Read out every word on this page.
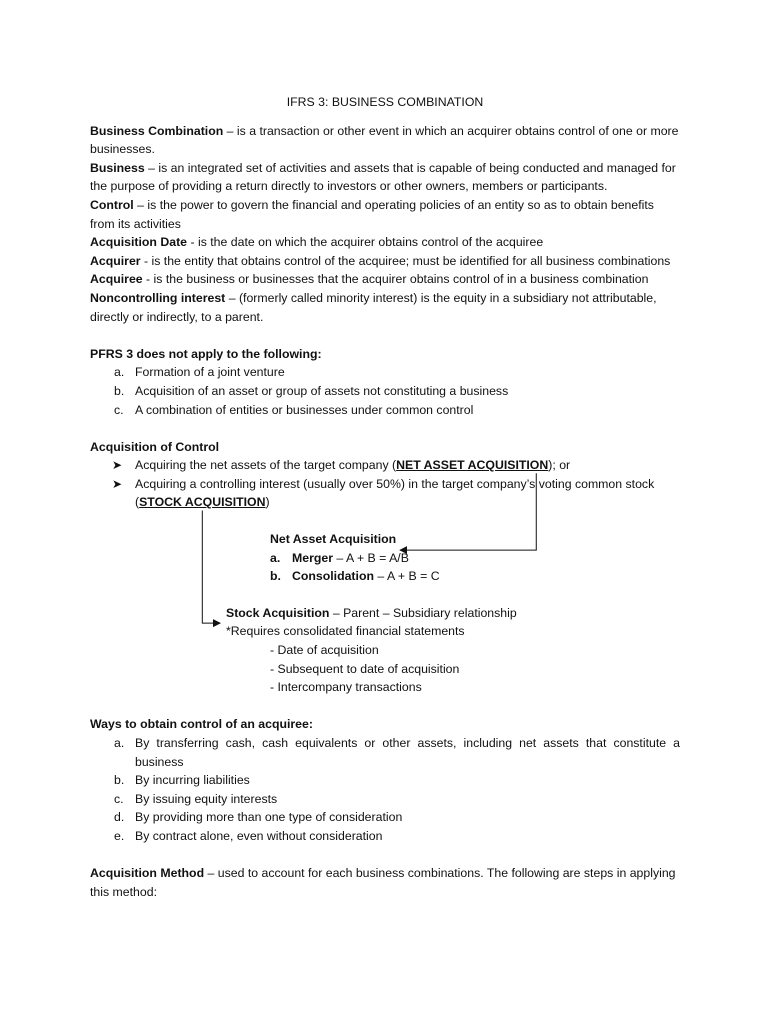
IFRS 3: BUSINESS COMBINATION
Business Combination – is a transaction or other event in which an acquirer obtains control of one or more businesses.
Business – is an integrated set of activities and assets that is capable of being conducted and managed for the purpose of providing a return directly to investors or other owners, members or participants.
Control – is the power to govern the financial and operating policies of an entity so as to obtain benefits from its activities
Acquisition Date - is the date on which the acquirer obtains control of the acquiree
Acquirer - is the entity that obtains control of the acquiree; must be identified for all business combinations
Acquiree - is the business or businesses that the acquirer obtains control of in a business combination
Noncontrolling interest – (formerly called minority interest) is the equity in a subsidiary not attributable, directly or indirectly, to a parent.
PFRS 3 does not apply to the following:
a. Formation of a joint venture
b. Acquisition of an asset or group of assets not constituting a business
c. A combination of entities or businesses under common control
Acquisition of Control
➤ Acquiring the net assets of the target company (NET ASSET ACQUISITION); or
➤ Acquiring a controlling interest (usually over 50%) in the target company’s voting common stock (STOCK ACQUISITION)
Net Asset Acquisition
a. Merger – A + B = A/B
b. Consolidation – A + B = C
Stock Acquisition – Parent – Subsidiary relationship
*Requires consolidated financial statements
- Date of acquisition
- Subsequent to date of acquisition
- Intercompany transactions
Ways to obtain control of an acquiree:
a. By transferring cash, cash equivalents or other assets, including net assets that constitute a business
b. By incurring liabilities
c. By issuing equity interests
d. By providing more than one type of consideration
e. By contract alone, even without consideration
Acquisition Method – used to account for each business combinations. The following are steps in applying this method:
